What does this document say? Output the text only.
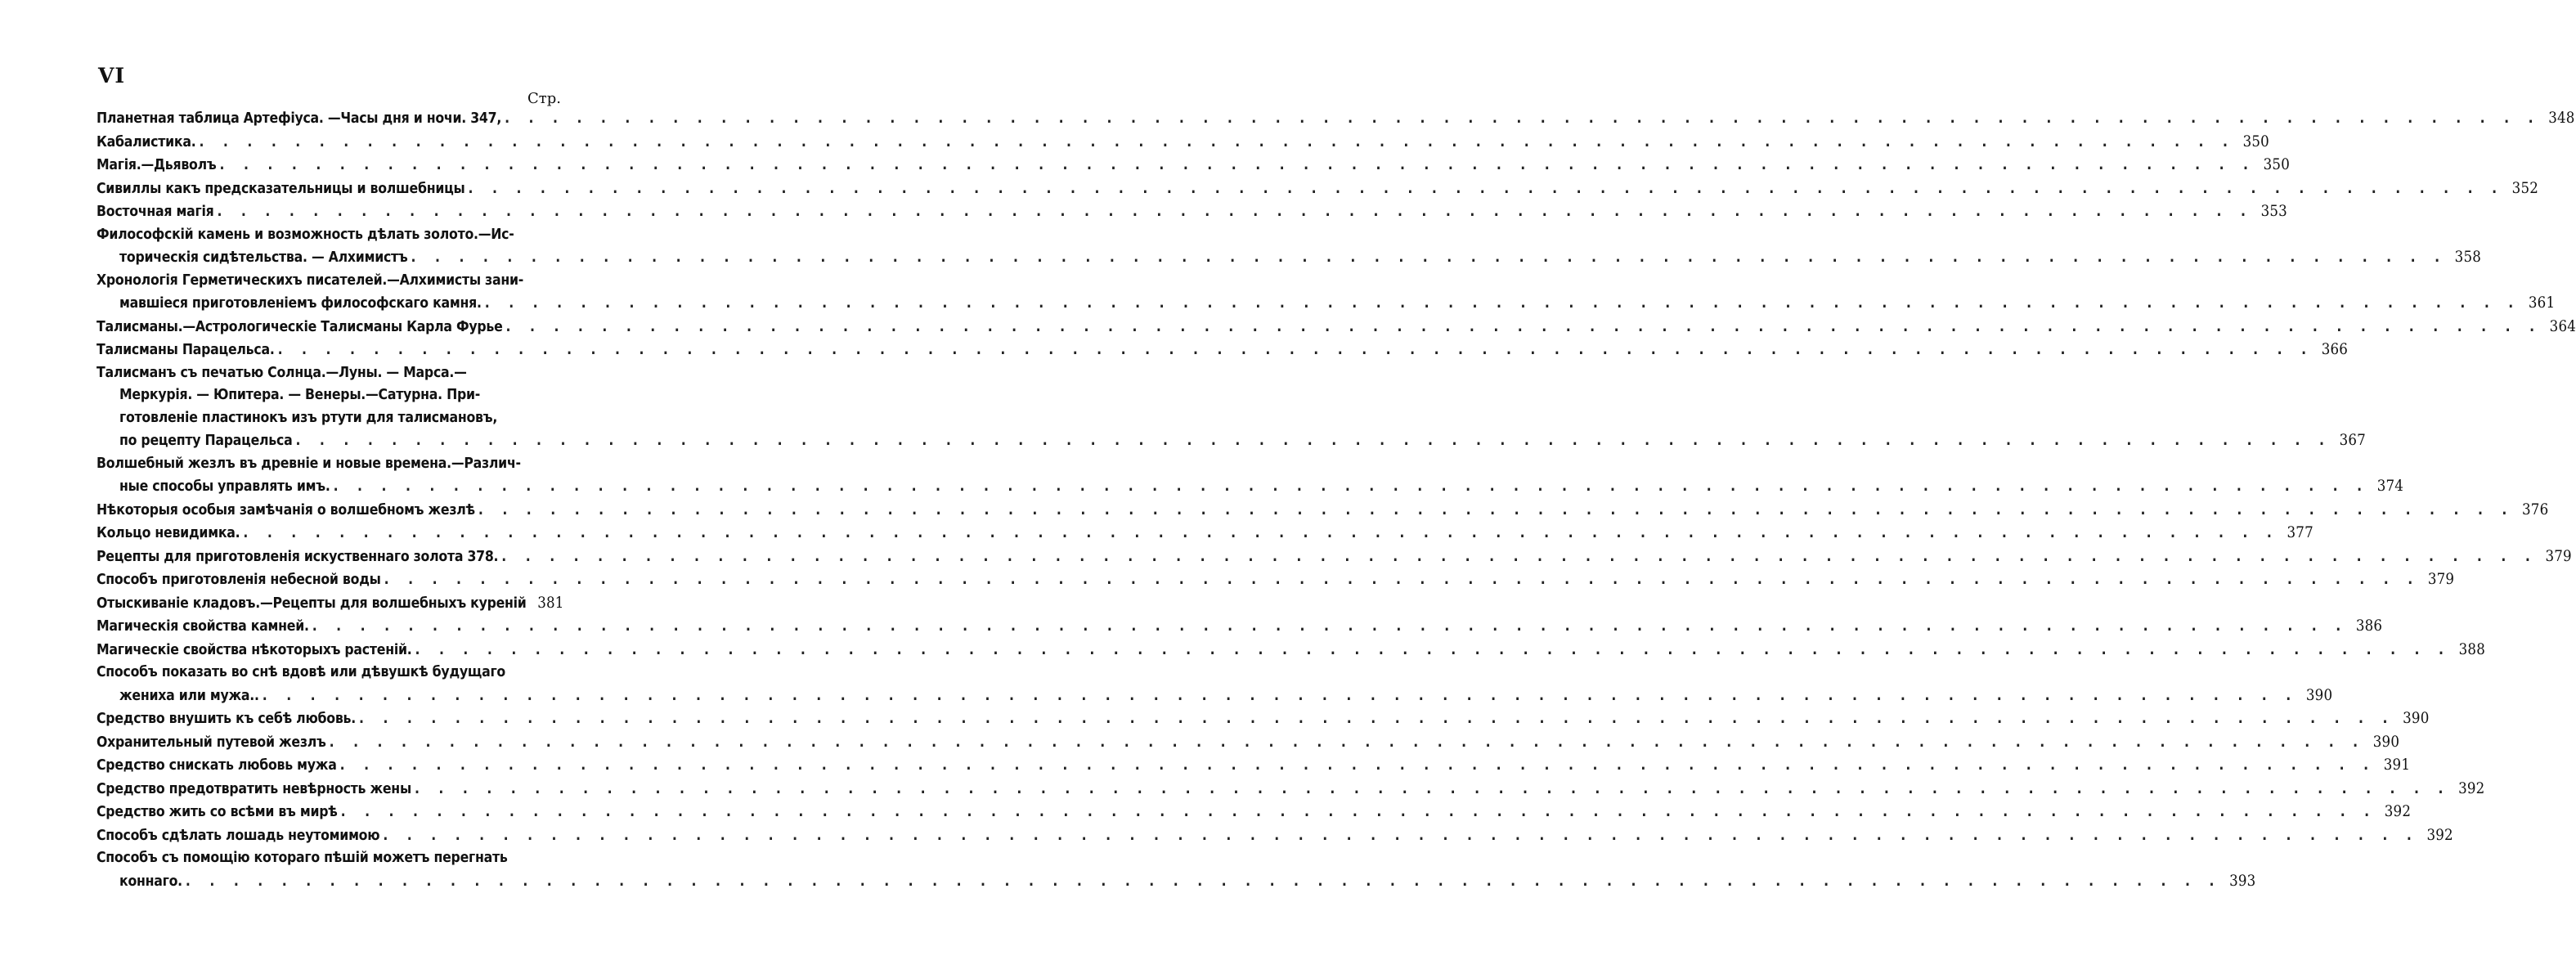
VI
Стр.
Планетная таблица Артефіуса. —Часы дня и ночи. 347, . . .	348
Кабалистика. . . .	350
Магія.—Дьяволъ . . .	350
Сивиллы какъ предсказательницы и волшебницы . . .	352
Восточная магія . . .	353
Философскій камень и возможность дѣлать золото.—Ис-
торическія сидѣтельства. — Алхимистъ . . .	358
Хронологія Герметическихъ писателей.—Алхимисты зани-
мавшіеся приготовленіемъ философскаго камня. . . .	361
Талисманы.—Астрологическіе Талисманы Карла Фурье . . .	364
Талисманы Парацельса. . . .	366
Талисманъ съ печатью Солнца.—Луны. — Марса.—
Меркурія. — Юпитера. — Венеры.—Сатурна. При-
готовленіе пластинокъ изъ ртути для талисмановъ,
по рецепту Парацельса . . .	367
Волшебный жезлъ въ древніе и новые времена.—Различ-
ные способы управлять имъ. . . .	374
Нѣкоторыя особыя замѣчанія о волшебномъ жезлѣ . . .	376
Кольцо невидимка. . . .	377
Рецепты для приготовленія искуственнаго золота 378. . . .	379
Способъ приготовленія небесной воды . . .	379
Отыскиваніе кладовъ.—Рецепты для волшебныхъ куреній 381
Магическія свойства камней. . . .	386
Магическіе свойства нѣкоторыхъ растеній. . . .	388
Способъ показать во снѣ вдовѣ или дѣвушкѣ будущаго
жениха или мужа.. . . .	390
Средство внушить къ себѣ любовь. . . .	390
Охранительный путевой жезлъ . . .	390
Средство снискать любовь мужа . . .	391
Средство предотвратить невѣрность жены . . .	392
Средство жить со всѣми въ мирѣ . . .	392
Способъ сдѣлать лошадь неутомимою . . .	392
Способъ съ помощію котораго пѣшій можетъ перегнать
коннаго. . . .	393
